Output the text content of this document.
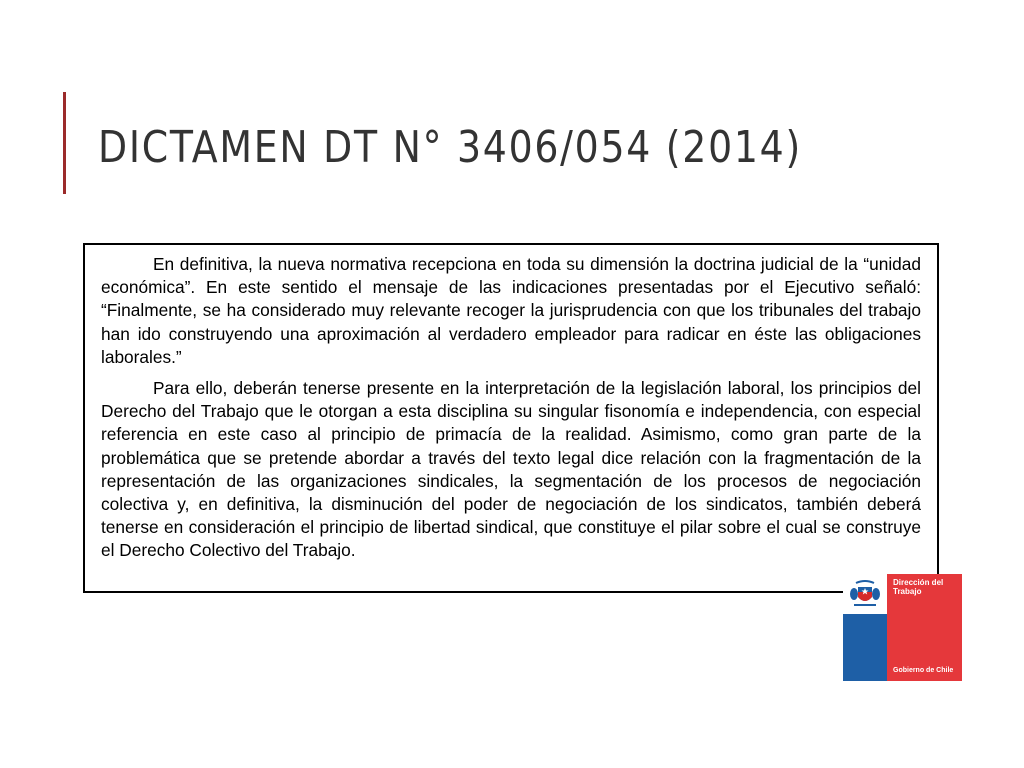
DICTAMEN DT N° 3406/054 (2014)

En definitiva, la nueva normativa recepciona en toda su dimensión la doctrina judicial de la “unidad económica”. En este sentido el mensaje de las indicaciones presentadas por el Ejecutivo señaló: “Finalmente, se ha considerado muy relevante recoger la jurisprudencia con que los tribunales del trabajo han ido construyendo una aproximación al verdadero empleador para radicar en éste las obligaciones laborales.”

Para ello, deberán tenerse presente en la interpretación de la legislación laboral, los principios del Derecho del Trabajo que le otorgan a esta disciplina su singular fisonomía e independencia, con especial referencia en este caso al principio de primacía de la realidad. Asimismo, como gran parte de la problemática que se pretende abordar a través del texto legal dice relación con la fragmentación de la representación de las organizaciones sindicales, la segmentación de los procesos de negociación colectiva y, en definitiva, la disminución del poder de negociación de los sindicatos, también deberá tenerse en consideración el principio de libertad sindical, que constituye el pilar sobre el cual se construye el Derecho Colectivo del Trabajo.

Dirección del
Trabajo
Gobierno de Chile
